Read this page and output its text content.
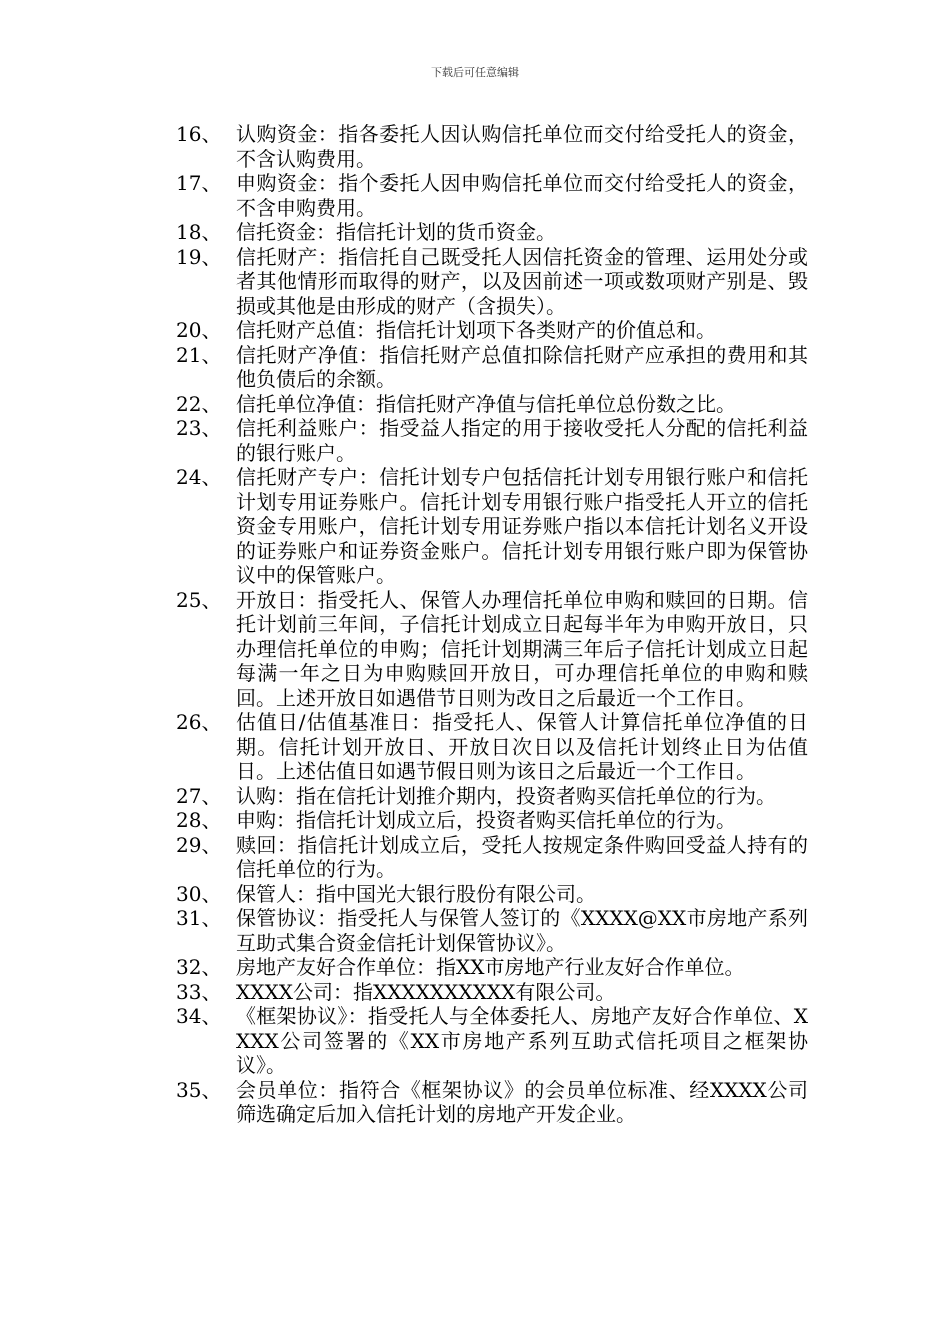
下载后可任意编辑
16、 认购资金：指各委托人因认购信托单位而交付给受托人的资金，不含认购费用。
17、 申购资金：指个委托人因申购信托单位而交付给受托人的资金，不含申购费用。
18、 信托资金：指信托计划的货币资金。
19、 信托财产：指信托自己既受托人因信托资金的管理、运用处分或者其他情形而取得的财产，以及因前述一项或数项财产别是、毁损或其他是由形成的财产（含损失）。
20、 信托财产总值：指信托计划项下各类财产的价值总和。
21、 信托财产净值：指信托财产总值扣除信托财产应承担的费用和其他负债后的余额。
22、 信托单位净值：指信托财产净值与信托单位总份数之比。
23、 信托利益账户：指受益人指定的用于接收受托人分配的信托利益的银行账户。
24、 信托财产专户：信托计划专户包括信托计划专用银行账户和信托计划专用证券账户。信托计划专用银行账户指受托人开立的信托资金专用账户，信托计划专用证券账户指以本信托计划名义开设的证券账户和证券资金账户。信托计划专用银行账户即为保管协议中的保管账户。
25、 开放日：指受托人、保管人办理信托单位申购和赎回的日期。信托计划前三年间，子信托计划成立日起每半年为申购开放日，只办理信托单位的申购；信托计划期满三年后子信托计划成立日起每满一年之日为申购赎回开放日，可办理信托单位的申购和赎回。上述开放日如遇借节日则为改日之后最近一个工作日。
26、 估值日/估值基准日：指受托人、保管人计算信托单位净值的日期。信托计划开放日、开放日次日以及信托计划终止日为估值日。上述估值日如遇节假日则为该日之后最近一个工作日。
27、 认购：指在信托计划推介期内，投资者购买信托单位的行为。
28、 申购：指信托计划成立后，投资者购买信托单位的行为。
29、 赎回：指信托计划成立后，受托人按规定条件购回受益人持有的信托单位的行为。
30、 保管人：指中国光大银行股份有限公司。
31、 保管协议：指受托人与保管人签订的《XXXX@XX市房地产系列互助式集合资金信托计划保管协议》。
32、 房地产友好合作单位：指XX市房地产行业友好合作单位。
33、 XXXX公司：指XXXXXXXXXX有限公司。
34、 《框架协议》：指受托人与全体委托人、房地产友好合作单位、XXXX公司签署的《XX市房地产系列互助式信托项目之框架协议》。
35、 会员单位：指符合《框架协议》的会员单位标准、经XXXX公司筛选确定后加入信托计划的房地产开发企业。
